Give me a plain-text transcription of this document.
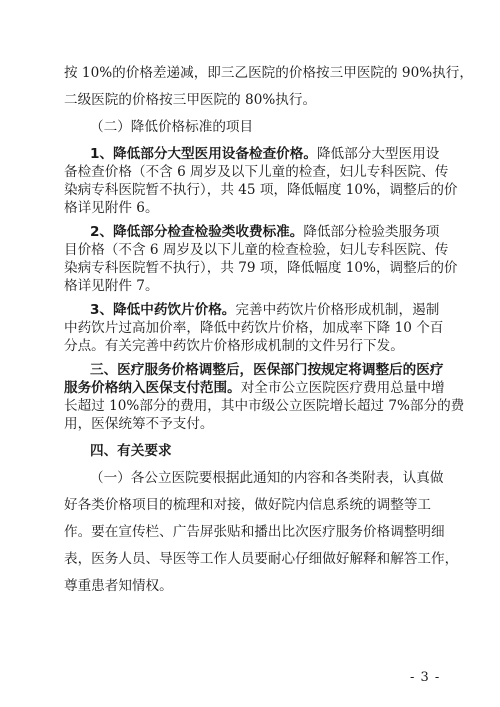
按 10%的价格差递减，即三乙医院的价格按三甲医院的 90%执行，
二级医院的价格按三甲医院的 80%执行。
（二）降低价格标准的项目
1、降低部分大型医用设备检查价格。降低部分大型医用设
备检查价格（不含 6 周岁及以下儿童的检查，妇儿专科医院、传
染病专科医院暂不执行），共 45 项，降低幅度 10%，调整后的价
格详见附件 6。
2、降低部分检查检验类收费标准。降低部分检验类服务项
目价格（不含 6 周岁及以下儿童的检查检验，妇儿专科医院、传
染病专科医院暂不执行），共 79 项，降低幅度 10%，调整后的价
格详见附件 7。
3、降低中药饮片价格。完善中药饮片价格形成机制，遏制
中药饮片过高加价率，降低中药饮片价格，加成率下降 10 个百
分点。有关完善中药饮片价格形成机制的文件另行下发。
三、医疗服务价格调整后，医保部门按规定将调整后的医疗
服务价格纳入医保支付范围。对全市公立医院医疗费用总量中增
长超过 10%部分的费用，其中市级公立医院增长超过 7%部分的费
用，医保统筹不予支付。
四、有关要求
（一）各公立医院要根据此通知的内容和各类附表，认真做
好各类价格项目的梳理和对接，做好院内信息系统的调整等工
作。要在宣传栏、广告屏张贴和播出比次医疗服务价格调整明细
表，医务人员、导医等工作人员要耐心仔细做好解释和解答工作，
尊重患者知情权。
- 3 -
